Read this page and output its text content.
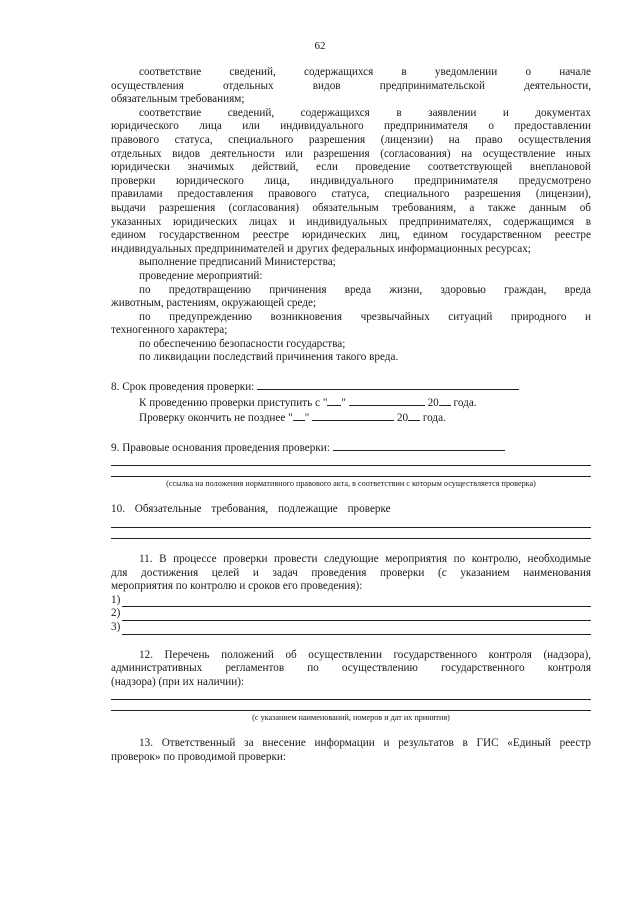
62

соответствие сведений, содержащихся в уведомлении о начале

осуществления отдельных видов предпринимательской деятельности,

обязательным требованиям;

соответствие сведений, содержащихся в заявлении и документах

юридического лица или индивидуального предпринимателя о предоставлении

правового статуса, специального разрешения (лицензии) на право осуществления

отдельных видов деятельности или разрешения (согласования) на осуществление иных

юридически значимых действий, если проведение соответствующей внеплановой

проверки юридического лица, индивидуального предпринимателя предусмотрено

правилами предоставления правового статуса, специального разрешения (лицензии),

выдачи разрешения (согласования) обязательным требованиям, а также данным об

указанных юридических лицах и индивидуальных предпринимателях, содержащимся в

едином государственном реестре юридических лиц, едином государственном реестре

индивидуальных предпринимателей и других федеральных информационных ресурсах;

выполнение предписаний Министерства;

проведение мероприятий:

по предотвращению причинения вреда жизни, здоровью граждан, вреда

животным, растениям, окружающей среде;

по предупреждению возникновения чрезвычайных ситуаций природного и

техногенного характера;

по обеспечению безопасности государства;

по ликвидации последствий причинения такого вреда.

8. Срок проведения проверки:

К проведению проверки приступить с " "	20 года.

Проверку окончить не позднее " "	20 года.

9. Правовые основания проведения проверки:

(ссылка на положения нормативного правового акта, в соответствии с которым осуществляется проверка)

10. Обязательные требования, подлежащие проверке

11. В процессе проверки провести следующие мероприятия по контролю, необходимые

для достижения целей и задач проведения проверки (с указанием наименования

мероприятия по контролю и сроков его проведения):

1)
2)
3)

12. Перечень положений об осуществлении государственного контроля (надзора),

административных регламентов по осуществлению государственного контроля

(надзора) (при их наличии):

(с указанием наименований, номеров и дат их принятия)

13. Ответственный за внесение информации и результатов в ГИС «Единый реестр

проверок» по проводимой проверки:
